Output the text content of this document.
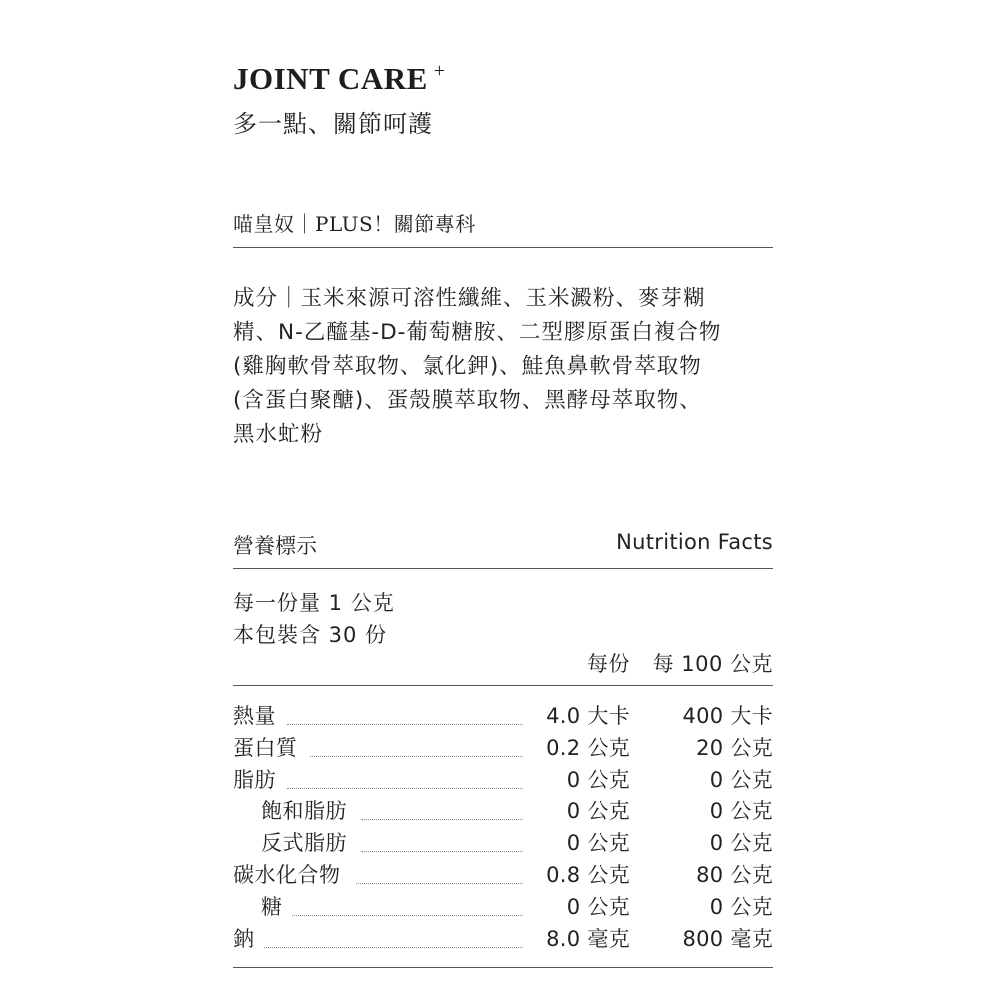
JOINT CARE +
多一點、關節呵護
喵皇奴｜PLUS！關節專科
成分｜玉米來源可溶性纖維、玉米澱粉、麥芽糊
精、N-乙醯基-D-葡萄糖胺、二型膠原蛋白複合物
(雞胸軟骨萃取物、氯化鉀)、鮭魚鼻軟骨萃取物
(含蛋白聚醣)、蛋殼膜萃取物、黑酵母萃取物、
黑水虻粉
營養標示	Nutrition Facts
每一份量 1 公克
本包裝含 30 份
每份 每 100 公克
熱量	4.0 大卡 400 大卡
蛋白質	0.2 公克	20 公克
脂肪	0 公克	0 公克
飽和脂肪	0 公克	0 公克
反式脂肪	0 公克	0 公克
碳水化合物	0.8 公克	80 公克
糖	0 公克	0 公克
鈉	8.0 毫克 800 毫克
